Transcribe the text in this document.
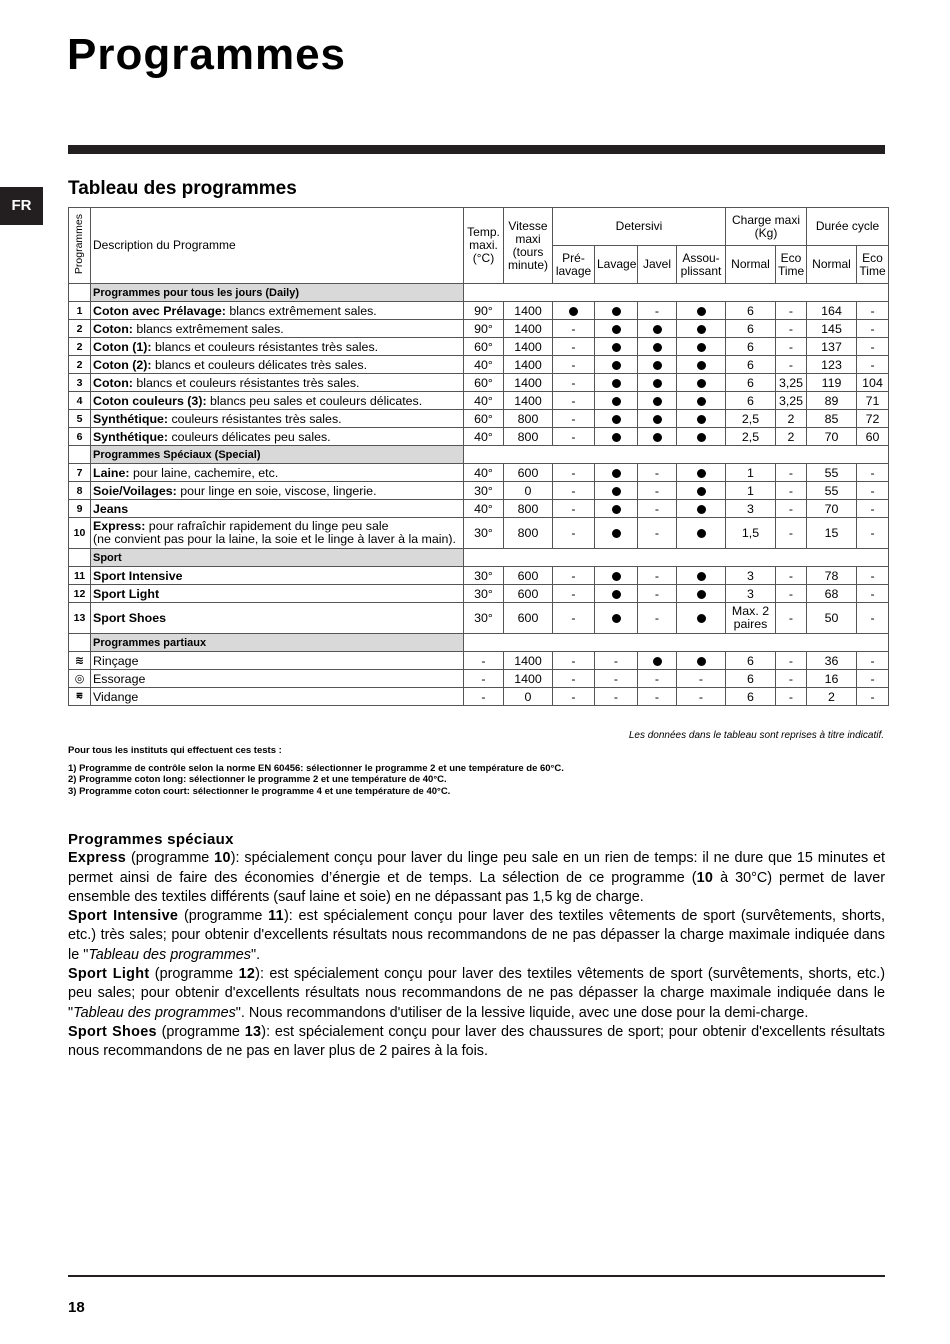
Programmes
FR
Tableau des programmes
Programmes	Description du Programme	Temp. maxi. (°C)	Vitesse maxi (tours minute)	Detersivi				Charge maxi (Kg)		Durée cycle	
				Pré-lavage	Lavage	Javel	Assou-plissant	Normal	Eco Time	Normal	Eco Time
	Programmes pour tous les jours (Daily)										
1	Coton avec Prélavage: blancs extrêmement sales.	90°	1400			-		6	-	164	-
2	Coton: blancs extrêmement sales.	90°	1400	-				6	-	145	-
2	Coton (1): blancs et couleurs résistantes très sales.	60°	1400	-				6	-	137	-
2	Coton (2): blancs et couleurs délicates très sales.	40°	1400	-				6	-	123	-
3	Coton: blancs et couleurs résistantes très sales.	60°	1400	-				6	3,25	119	104
4	Coton couleurs (3): blancs peu sales et couleurs délicates.	40°	1400	-				6	3,25	89	71
5	Synthétique: couleurs résistantes très sales.	60°	800	-				2,5	2	85	72
6	Synthétique: couleurs délicates peu sales.	40°	800	-				2,5	2	70	60
	Programmes Spéciaux (Special)										
7	Laine: pour laine, cachemire, etc.	40°	600	-		-		1	-	55	-
8	Soie/Voilages: pour linge en soie, viscose, lingerie.	30°	0	-		-		1	-	55	-
9	Jeans	40°	800	-		-		3	-	70	-
10	Express: pour rafraîchir rapidement du linge peu sale
(ne convient pas pour la laine, la soie et le linge à laver à la main).	30°	800	-		-		1,5	-	15	-
	Sport										
11	Sport Intensive	30°	600	-		-		3	-	78	-
12	Sport Light	30°	600	-		-		3	-	68	-
13	Sport Shoes	30°	600	-		-		Max. 2 paires	-	50	-
	Programmes partiaux										
≋	Rinçage	-	1400	-	-			6	-	36	-
◎	Essorage	-	1400	-	-	-	-	6	-	16	-
⩳	Vidange	-	0	-	-	-	-	6	-	2	-

Les données dans le tableau sont reprises à titre indicatif.

Pour tous les instituts qui effectuent ces tests :

1) Programme de contrôle selon la norme EN 60456: sélectionner le programme 2 et une température de 60°C.

2) Programme coton long: sélectionner le programme 2 et une température de 40°C.

3) Programme coton court: sélectionner le programme 4 et une température de 40°C.

Programmes spéciaux

Express (programme 10): spécialement conçu pour laver du linge peu sale en un rien de temps: il ne dure que 15 minutes et permet ainsi de faire des économies d’énergie et de temps. La sélection de ce programme (10 à 30°C) permet de laver ensemble des textiles différents (sauf laine et soie) en ne dépassant pas 1,5 kg de charge.

Sport Intensive (programme 11): est spécialement conçu pour laver des textiles vêtements de sport (survêtements, shorts, etc.) très sales; pour obtenir d'excellents résultats nous recommandons de ne pas dépasser la charge maximale indiquée dans le "Tableau des programmes".

Sport Light (programme 12): est spécialement conçu pour laver des textiles vêtements de sport (survêtements, shorts, etc.) peu sales; pour obtenir d'excellents résultats nous recommandons de ne pas dépasser la charge maximale indiquée dans le "Tableau des programmes". Nous recommandons d'utiliser de la lessive liquide, avec une dose pour la demi-charge.

Sport Shoes (programme 13): est spécialement conçu pour laver des chaussures de sport; pour obtenir d'excellents résultats nous recommandons de ne pas en laver plus de 2 paires à la fois.

18
